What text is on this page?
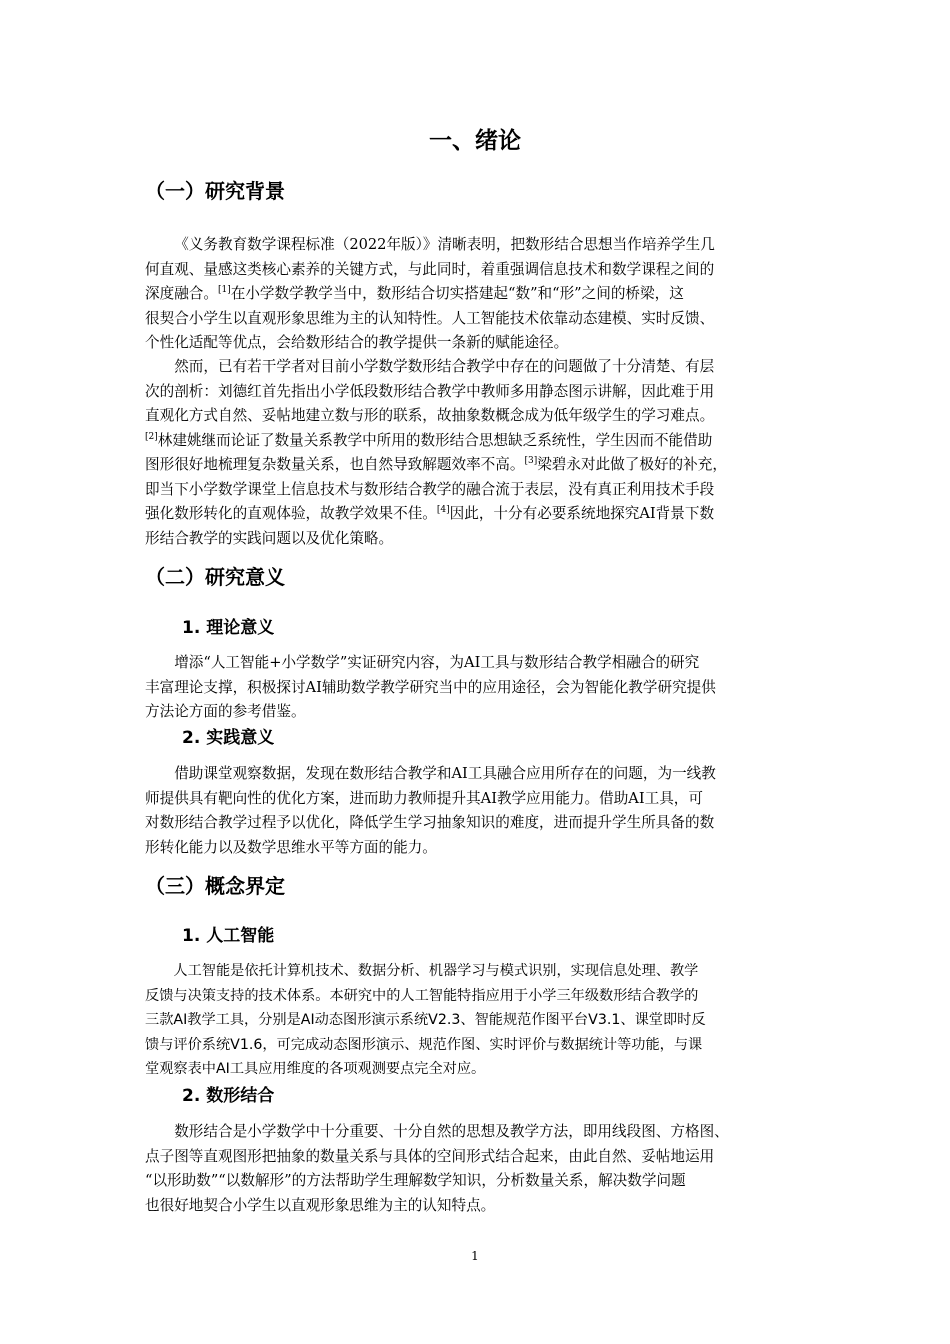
一、绪论
（一）研究背景
《义务教育数学课程标准（2022年版）》清晰表明，把数形结合思想当作培养学生几
何直观、量感这类核心素养的关键方式，与此同时，着重强调信息技术和数学课程之间的
深度融合。[1]在小学数学教学当中，数形结合切实搭建起“数”和“形”之间的桥梁，这
很契合小学生以直观形象思维为主的认知特性。人工智能技术依靠动态建模、实时反馈、
个性化适配等优点，会给数形结合的教学提供一条新的赋能途径。
然而，已有若干学者对目前小学数学数形结合教学中存在的问题做了十分清楚、有层
次的剖析：刘德红首先指出小学低段数形结合教学中教师多用静态图示讲解，因此难于用
直观化方式自然、妥帖地建立数与形的联系，故抽象数概念成为低年级学生的学习难点。
[2]林建姚继而论证了数量关系教学中所用的数形结合思想缺乏系统性，学生因而不能借助
图形很好地梳理复杂数量关系，也自然导致解题效率不高。[3]梁碧永对此做了极好的补充，
即当下小学数学课堂上信息技术与数形结合教学的融合流于表层，没有真正利用技术手段
强化数形转化的直观体验，故教学效果不佳。[4]因此，十分有必要系统地探究AI背景下数
形结合教学的实践问题以及优化策略。
（二）研究意义
1. 理论意义
增添“人工智能+小学数学”实证研究内容，为AI工具与数形结合教学相融合的研究
丰富理论支撑，积极探讨AI辅助数学教学研究当中的应用途径，会为智能化教学研究提供
方法论方面的参考借鉴。
2. 实践意义
借助课堂观察数据，发现在数形结合教学和AI工具融合应用所存在的问题，为一线教
师提供具有靶向性的优化方案，进而助力教师提升其AI教学应用能力。借助AI工具，可
对数形结合教学过程予以优化，降低学生学习抽象知识的难度，进而提升学生所具备的数
形转化能力以及数学思维水平等方面的能力。
（三）概念界定
1. 人工智能
人工智能是依托计算机技术、数据分析、机器学习与模式识别，实现信息处理、教学
反馈与决策支持的技术体系。本研究中的人工智能特指应用于小学三年级数形结合教学的
三款AI教学工具，分别是AI动态图形演示系统V2.3、智能规范作图平台V3.1、课堂即时反
馈与评价系统V1.6，可完成动态图形演示、规范作图、实时评价与数据统计等功能，与课
堂观察表中AI工具应用维度的各项观测要点完全对应。
2. 数形结合
数形结合是小学数学中十分重要、十分自然的思想及教学方法，即用线段图、方格图、
点子图等直观图形把抽象的数量关系与具体的空间形式结合起来，由此自然、妥帖地运用
“以形助数”“以数解形”的方法帮助学生理解数学知识，分析数量关系，解决数学问题
也很好地契合小学生以直观形象思维为主的认知特点。
1
